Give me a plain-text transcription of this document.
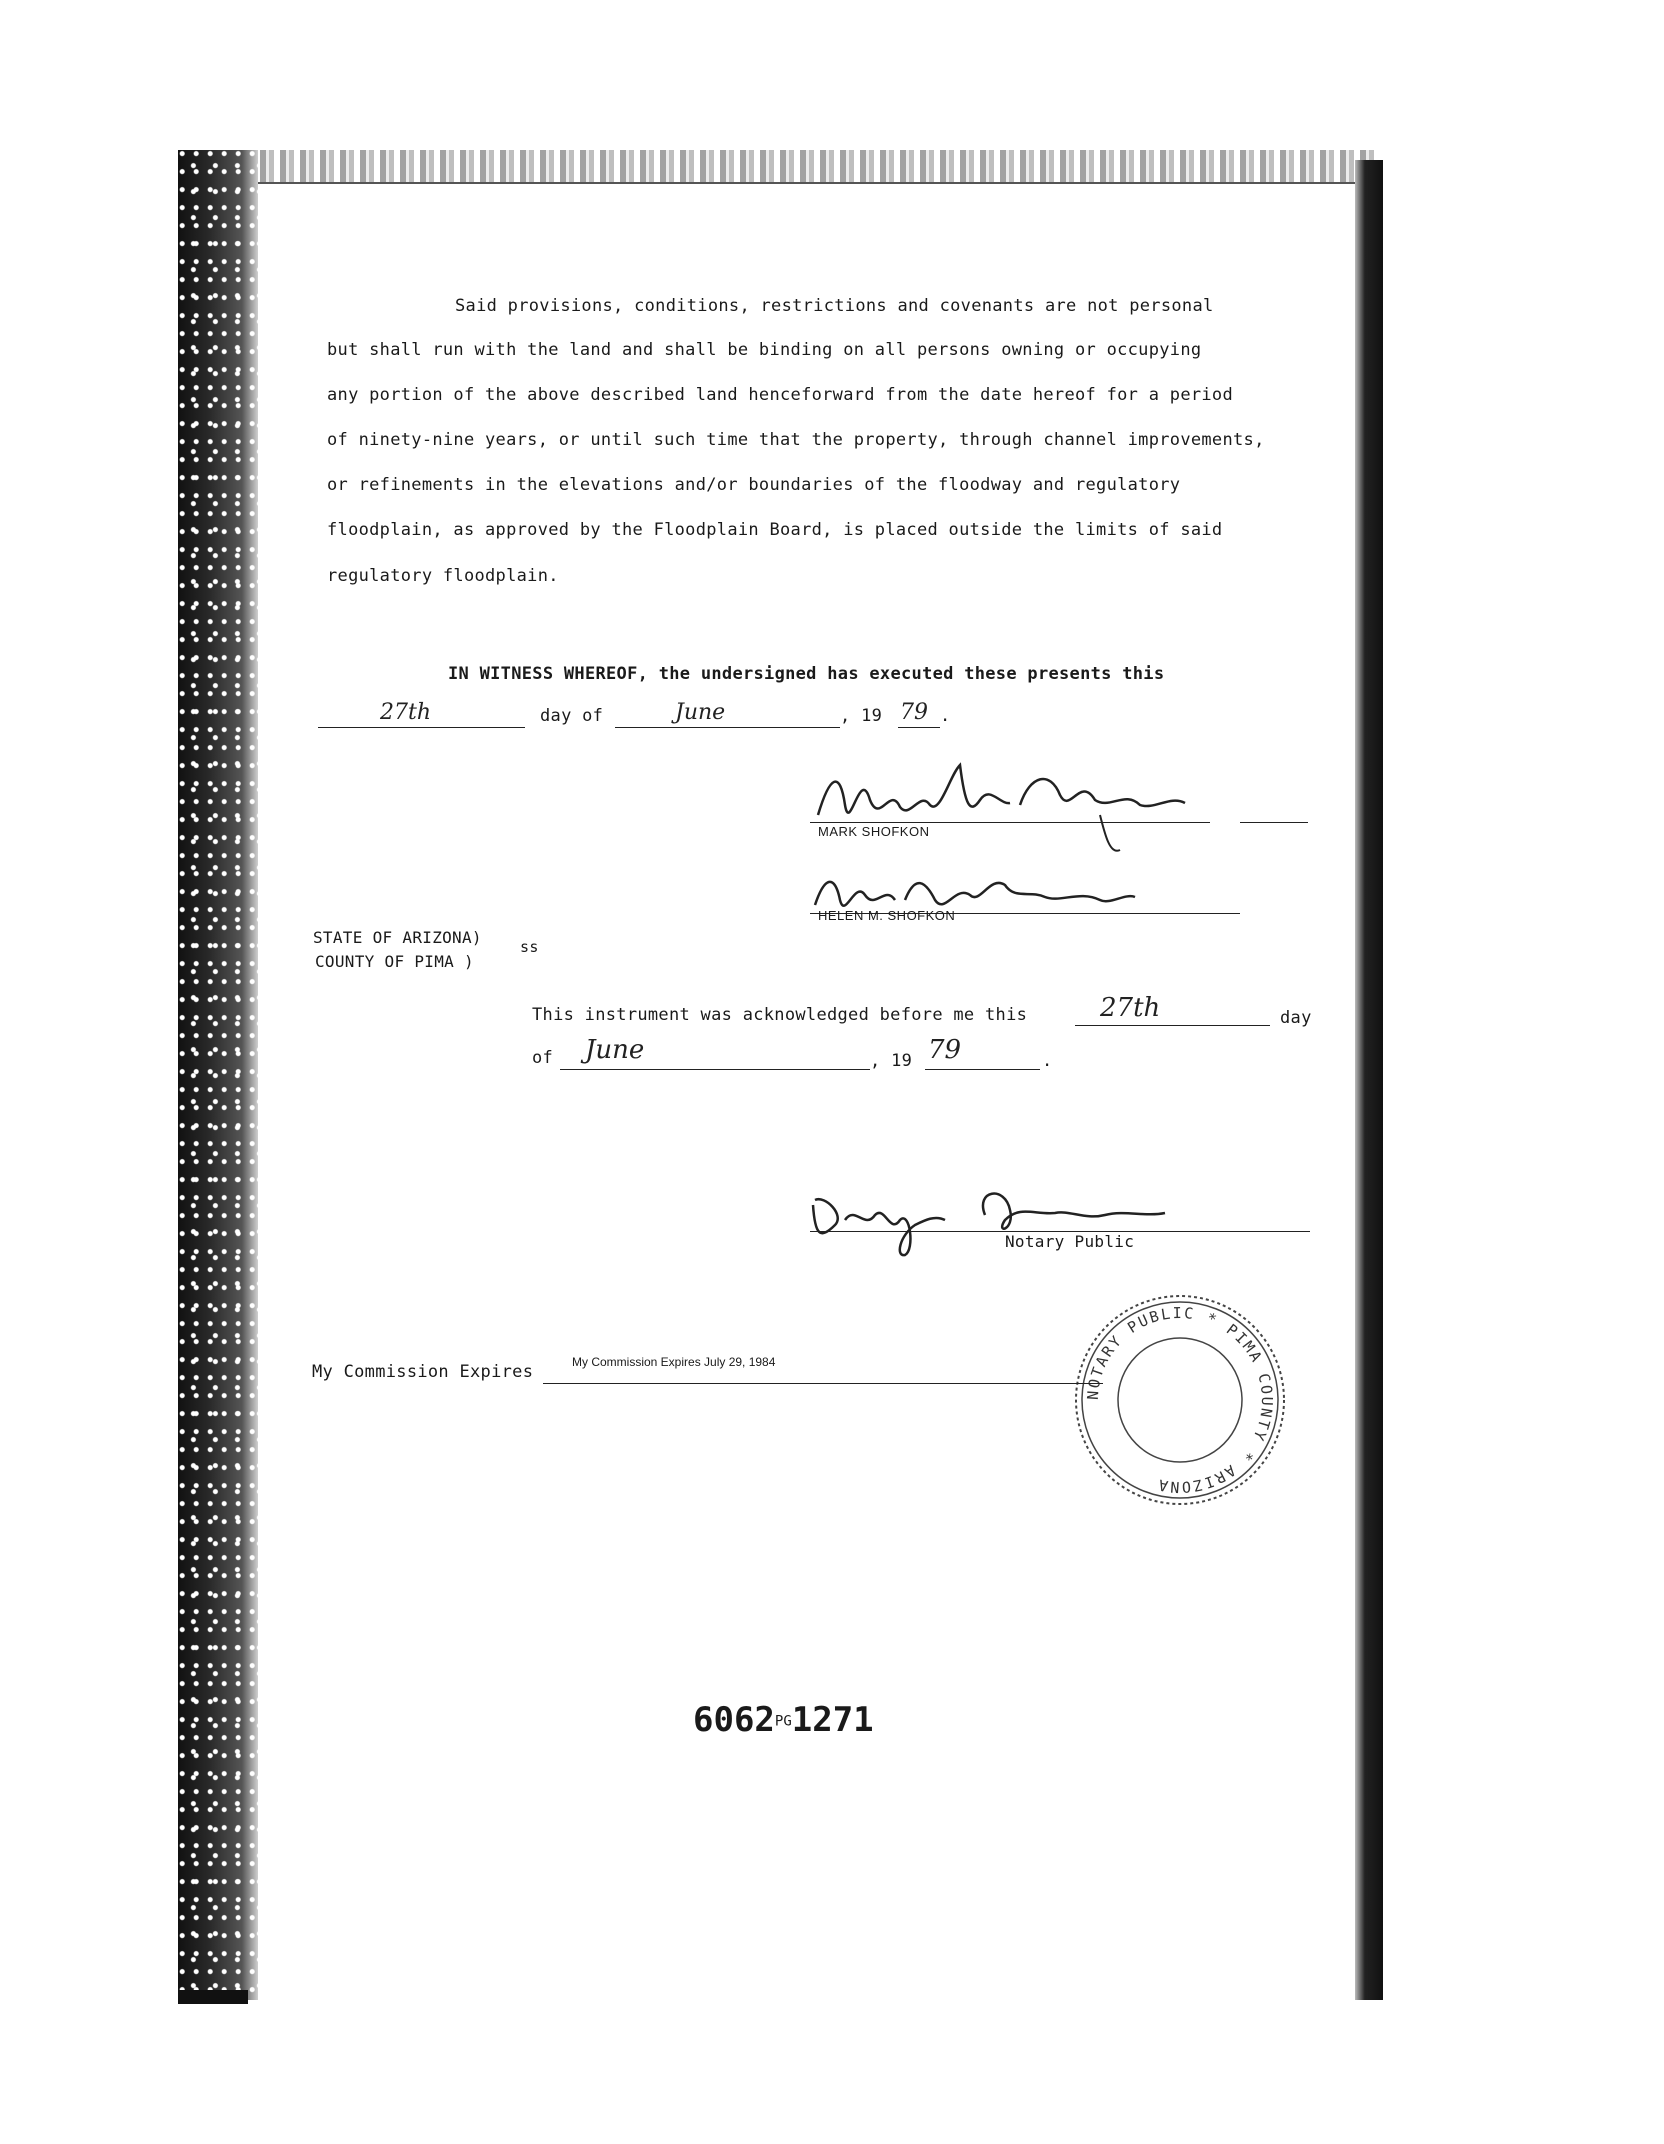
Said provisions, conditions, restrictions and covenants are not personal
but shall run with the land and shall be binding on all persons owning or occupying
any portion of the above described land henceforward from the date hereof for a period
of ninety-nine years, or until such time that the property, through channel improvements,
or refinements in the elevations and/or boundaries of the floodway and regulatory
floodplain, as approved by the Floodplain Board, is placed outside the limits of said
regulatory floodplain.
IN WITNESS WHEREOF, the undersigned has executed these presents this
27th	day of	June	, 19 79 .
MARK SHOFKON
HELEN M. SHOFKON
STATE OF ARIZONA)
COUNTY OF PIMA )
ss
This instrument was acknowledged before me this	27th	day
of June	, 19 79	.
Notary Public
NOTARY PUBLIC * PIMA COUNTY * ARIZONA
My Commission Expires	My Commission Expires July 29, 1984
6062PG1271
